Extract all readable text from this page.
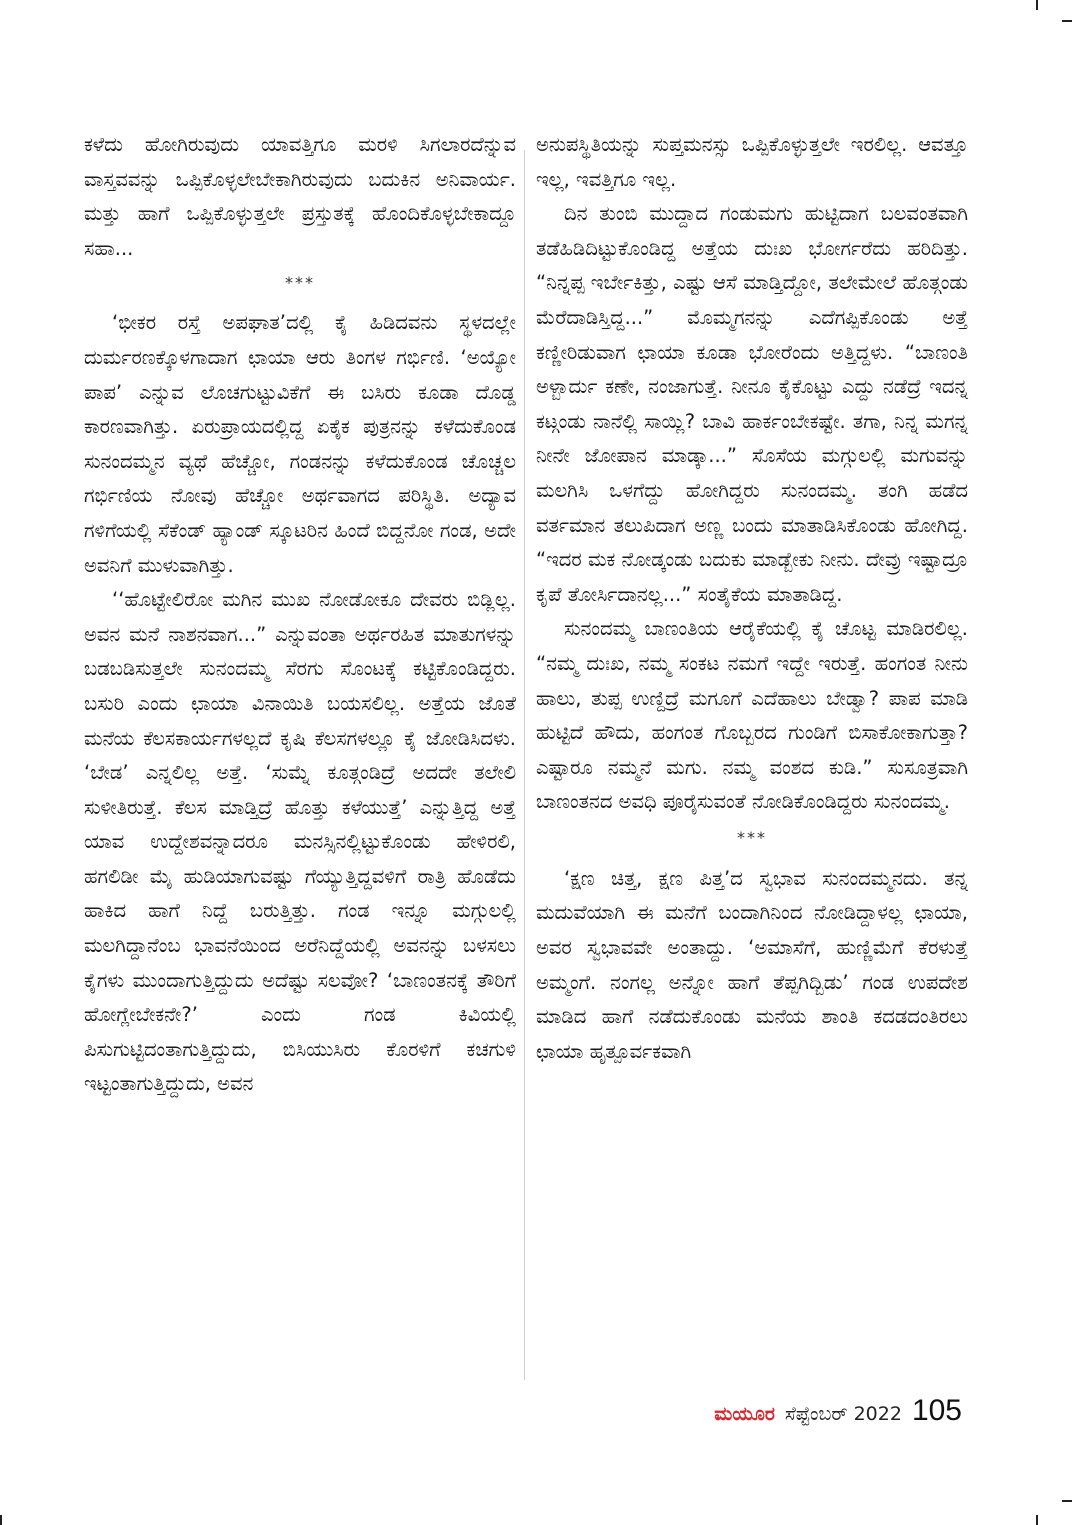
ಕಳೆದು ಹೋಗಿರುವುದು ಯಾವತ್ತಿಗೂ ಮರಳಿ ಸಿಗಲಾರದೆನ್ನುವ ವಾಸ್ತವವನ್ನು ಒಪ್ಪಿಕೊಳ್ಳಲೇಬೇಕಾಗಿರುವುದು ಬದುಕಿನ ಅನಿವಾರ್ಯ. ಮತ್ತು ಹಾಗೆ ಒಪ್ಪಿಕೊಳ್ಳುತ್ತಲೇ ಪ್ರಸ್ತುತಕ್ಕೆ ಹೊಂದಿಕೊಳ್ಳಬೇಕಾದ್ದೂ ಸಹಾ...

***

‘ಭೀಕರ ರಸ್ತೆ ಅಪಘಾತ’ದಲ್ಲಿ ಕೈ ಹಿಡಿದವನು ಸ್ಥಳದಲ್ಲೇ ದುರ್ಮರಣಕ್ಕೊಳಗಾದಾಗ ಛಾಯಾ ಆರು ತಿಂಗಳ ಗರ್ಭಿಣಿ. ‘ಅಯ್ಯೋ ಪಾಪ’ ಎನ್ನುವ ಲೊಚಗುಟ್ಟುವಿಕೆಗೆ ಈ ಬಸಿರು ಕೂಡಾ ದೊಡ್ಡ ಕಾರಣವಾಗಿತ್ತು. ಏರುಪ್ರಾಯದಲ್ಲಿದ್ದ ಏಕೈಕ ಪುತ್ರನನ್ನು ಕಳೆದುಕೊಂಡ ಸುನಂದಮ್ಮನ ವ್ಯಥೆ ಹೆಚ್ಚೋ, ಗಂಡನನ್ನು ಕಳೆದುಕೊಂಡ ಚೊಚ್ಚಲ ಗರ್ಭಿಣಿಯ ನೋವು ಹೆಚ್ಚೋ ಅರ್ಥವಾಗದ ಪರಿಸ್ಥಿತಿ. ಅದ್ಯಾವ ಗಳಿಗೆಯಲ್ಲಿ ಸೆಕೆಂಡ್ ಹ್ಯಾಂಡ್ ಸ್ಕೂಟರಿನ ಹಿಂದೆ ಬಿದ್ದನೋ ಗಂಡ, ಅದೇ ಅವನಿಗೆ ಮುಳುವಾಗಿತ್ತು.

‘‘ಹೊಟ್ಟೇಲಿರೋ ಮಗಿನ ಮುಖ ನೋಡೋಕೂ ದೇವರು ಬಿಡ್ಲಿಲ್ಲ. ಅವನ ಮನೆ ನಾಶನವಾಗ...” ಎನ್ನುವಂತಾ ಅರ್ಥರಹಿತ ಮಾತುಗಳನ್ನು ಬಡಬಡಿಸುತ್ತಲೇ ಸುನಂದಮ್ಮ ಸೆರಗು ಸೊಂಟಕ್ಕೆ ಕಟ್ಟಿಕೊಂಡಿದ್ದರು. ಬಸುರಿ ಎಂದು ಛಾಯಾ ವಿನಾಯಿತಿ ಬಯಸಲಿಲ್ಲ. ಅತ್ತೆಯ ಜೊತೆ ಮನೆಯ ಕೆಲಸಕಾರ್ಯಗಳಲ್ಲದೆ ಕೃಷಿ ಕೆಲಸಗಳಲ್ಲೂ ಕೈ ಜೋಡಿಸಿದಳು. ‘ಬೇಡ’ ಎನ್ನಲಿಲ್ಲ ಅತ್ತೆ. ‘ಸುಮ್ನೆ ಕೂತ್ಗಂಡಿದ್ರೆ ಅದದೇ ತಲೇಲಿ ಸುಳೀತಿರುತ್ತೆ. ಕೆಲಸ ಮಾಡ್ತಿದ್ರೆ ಹೊತ್ತು ಕಳೆಯುತ್ತೆ’ ಎನ್ನುತ್ತಿದ್ದ ಅತ್ತೆ ಯಾವ ಉದ್ದೇಶವನ್ನಾದರೂ ಮನಸ್ಸಿನಲ್ಲಿಟ್ಟುಕೊಂಡು ಹೇಳಿರಲಿ, ಹಗಲಿಡೀ ಮೈ ಹುಡಿಯಾಗುವಷ್ಟು ಗೆಯ್ಯುತ್ತಿದ್ದವಳಿಗೆ ರಾತ್ರಿ ಹೊಡೆದು ಹಾಕಿದ ಹಾಗೆ ನಿದ್ದೆ ಬರುತ್ತಿತ್ತು. ಗಂಡ ಇನ್ನೂ ಮಗ್ಗುಲಲ್ಲಿ ಮಲಗಿದ್ದಾನೆಂಬ ಭಾವನೆಯಿಂದ ಅರೆನಿದ್ದೆಯಲ್ಲಿ ಅವನನ್ನು ಬಳಸಲು ಕೈಗಳು ಮುಂದಾಗುತ್ತಿದ್ದುದು ಅದೆಷ್ಟು ಸಲವೋ? ‘ಬಾಣಂತನಕ್ಕೆ ತೌರಿಗೆ ಹೋಗ್ಲೇಬೇಕನೇ?’ ಎಂದು ಗಂಡ ಕಿವಿಯಲ್ಲಿ ಪಿಸುಗುಟ್ಟಿದಂತಾಗುತ್ತಿದ್ದುದು, ಬಿಸಿಯುಸಿರು ಕೊರಳಿಗೆ ಕಚಗುಳಿ ಇಟ್ಟಂತಾಗುತ್ತಿದ್ದುದು, ಅವನ

ಅನುಪಸ್ಥಿತಿಯನ್ನು ಸುಪ್ತಮನಸ್ಸು ಒಪ್ಪಿಕೊಳ್ಳುತ್ತಲೇ ಇರಲಿಲ್ಲ. ಆವತ್ತೂ ಇಲ್ಲ, ಇವತ್ತಿಗೂ ಇಲ್ಲ.

ದಿನ ತುಂಬಿ ಮುದ್ದಾದ ಗಂಡುಮಗು ಹುಟ್ಟಿದಾಗ ಬಲವಂತವಾಗಿ ತಡೆಹಿಡಿದಿಟ್ಟುಕೊಂಡಿದ್ದ ಅತ್ತೆಯ ದುಃಖ ಭೋರ್ಗರೆದು ಹರಿದಿತ್ತು. “ನಿನ್ನಪ್ಪ ಇರ್ಬೇಕಿತ್ತು, ಎಷ್ಟು ಆಸೆ ಮಾಡ್ತಿದ್ದೋ, ತಲೇಮೇಲೆ ಹೊತ್ಗಂಡು ಮೆರೆದಾಡಿಸ್ತಿದ್ದ...” ಮೊಮ್ಮಗನನ್ನು ಎದೆಗಪ್ಪಿಕೊಂಡು ಅತ್ತೆ ಕಣ್ಣೀರಿಡುವಾಗ ಛಾಯಾ ಕೂಡಾ ಭೋರೆಂದು ಅತ್ತಿದ್ದಳು. “ಬಾಣಂತಿ ಅಳ್ಬಾರ್ದು ಕಣೇ, ನಂಜಾಗುತ್ತೆ. ನೀನೂ ಕೈಕೊಟ್ಟು ಎದ್ದು ನಡೆದ್ರೆ ಇದನ್ನ ಕಟ್ಗಂಡು ನಾನೆಲ್ಲಿ ಸಾಯ್ಲಿ? ಬಾವಿ ಹಾರ್ಕಂಬೇಕಷ್ಟೇ. ತಗಾ, ನಿನ್ನ ಮಗನ್ನ ನೀನೇ ಜೋಪಾನ ಮಾಡ್ಕಾ...” ಸೊಸೆಯ ಮಗ್ಗುಲಲ್ಲಿ ಮಗುವನ್ನು ಮಲಗಿಸಿ ಒಳಗೆದ್ದು ಹೋಗಿದ್ದರು ಸುನಂದಮ್ಮ. ತಂಗಿ ಹಡೆದ ವರ್ತಮಾನ ತಲುಪಿದಾಗ ಅಣ್ಣ ಬಂದು ಮಾತಾಡಿಸಿಕೊಂಡು ಹೋಗಿದ್ದ. “ಇದರ ಮಕ ನೋಡ್ಕಂಡು ಬದುಕು ಮಾಡ್ಬೇಕು ನೀನು. ದೇವ್ರು ಇಷ್ಟಾದ್ರೂ ಕೃಪೆ ತೋರ್ಸಿದಾನಲ್ಲ...” ಸಂತೈಕೆಯ ಮಾತಾಡಿದ್ದ.

ಸುನಂದಮ್ಮ ಬಾಣಂತಿಯ ಆರೈಕೆಯಲ್ಲಿ ಕೈ ಚೊಟ್ಟ ಮಾಡಿರಲಿಲ್ಲ. “ನಮ್ಮ ದುಃಖ, ನಮ್ಮ ಸಂಕಟ ನಮಗೆ ಇದ್ದೇ ಇರುತ್ತೆ. ಹಂಗಂತ ನೀನು ಹಾಲು, ತುಪ್ಪ ಉಣ್ದಿದ್ರೆ ಮಗೂಗೆ ಎದೆಹಾಲು ಬೇಡ್ವಾ? ಪಾಪ ಮಾಡಿ ಹುಟ್ಟಿದೆ ಹೌದು, ಹಂಗಂತ ಗೊಬ್ಬರದ ಗುಂಡಿಗೆ ಬಿಸಾಕೋಕಾಗುತ್ತಾ? ಎಷ್ಟಾರೂ ನಮ್ಮನೆ ಮಗು. ನಮ್ಮ ವಂಶದ ಕುಡಿ.” ಸುಸೂತ್ರವಾಗಿ ಬಾಣಂತನದ ಅವಧಿ ಪೂರೈಸುವಂತೆ ನೋಡಿಕೊಂಡಿದ್ದರು ಸುನಂದಮ್ಮ.

***

‘ಕ್ಷಣ ಚಿತ್ತ, ಕ್ಷಣ ಪಿತ್ತ’ದ ಸ್ವಭಾವ ಸುನಂದಮ್ಮನದು. ತನ್ನ ಮದುವೆಯಾಗಿ ಈ ಮನೆಗೆ ಬಂದಾಗಿನಿಂದ ನೋಡಿದ್ದಾಳಲ್ಲ ಛಾಯಾ, ಅವರ ಸ್ವಭಾವವೇ ಅಂತಾದ್ದು. ‘ಅಮಾಸೆಗೆ, ಹುಣ್ಣಿಮೆಗೆ ಕೆರಳುತ್ತೆ ಅಮ್ಮಂಗೆ. ನಂಗಲ್ಲ ಅನ್ನೋ ಹಾಗೆ ತೆಪ್ಪಗಿದ್ಬಿಡು’ ಗಂಡ ಉಪದೇಶ ಮಾಡಿದ ಹಾಗೆ ನಡೆದುಕೊಂಡು ಮನೆಯ ಶಾಂತಿ ಕದಡದಂತಿರಲು ಛಾಯಾ ಹೃತ್ಪೂರ್ವಕವಾಗಿ

ಮಯೂರ ಸೆಪ್ಟೆಂಬರ್ 2022 105
